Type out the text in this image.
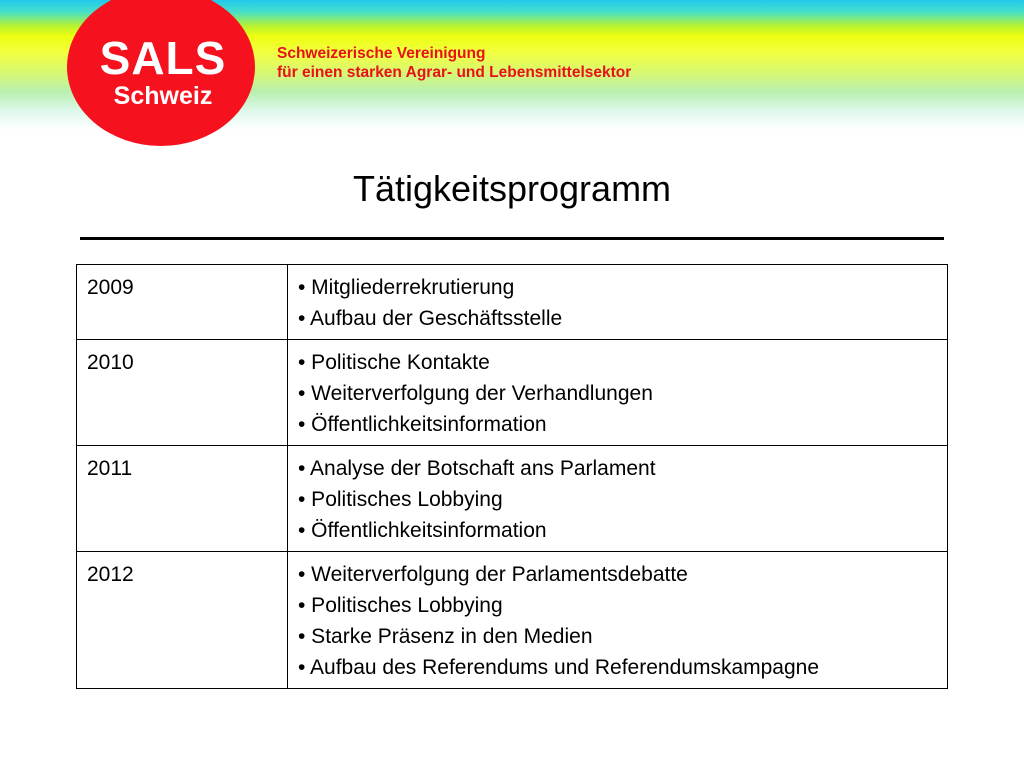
SALS
Schweiz
Schweizerische Vereinigung
für einen starken Agrar- und Lebensmittelsektor
Tätigkeitsprogramm
2009	• Mitgliederrekrutierung
• Aufbau der Geschäftsstelle

2010	• Politische Kontakte
• Weiterverfolgung der Verhandlungen
• Öffentlichkeitsinformation

2011	• Analyse der Botschaft ans Parlament
• Politisches Lobbying
• Öffentlichkeitsinformation

2012	• Weiterverfolgung der Parlamentsdebatte
• Politisches Lobbying
• Starke Präsenz in den Medien
• Aufbau des Referendums und Referendumskampagne
